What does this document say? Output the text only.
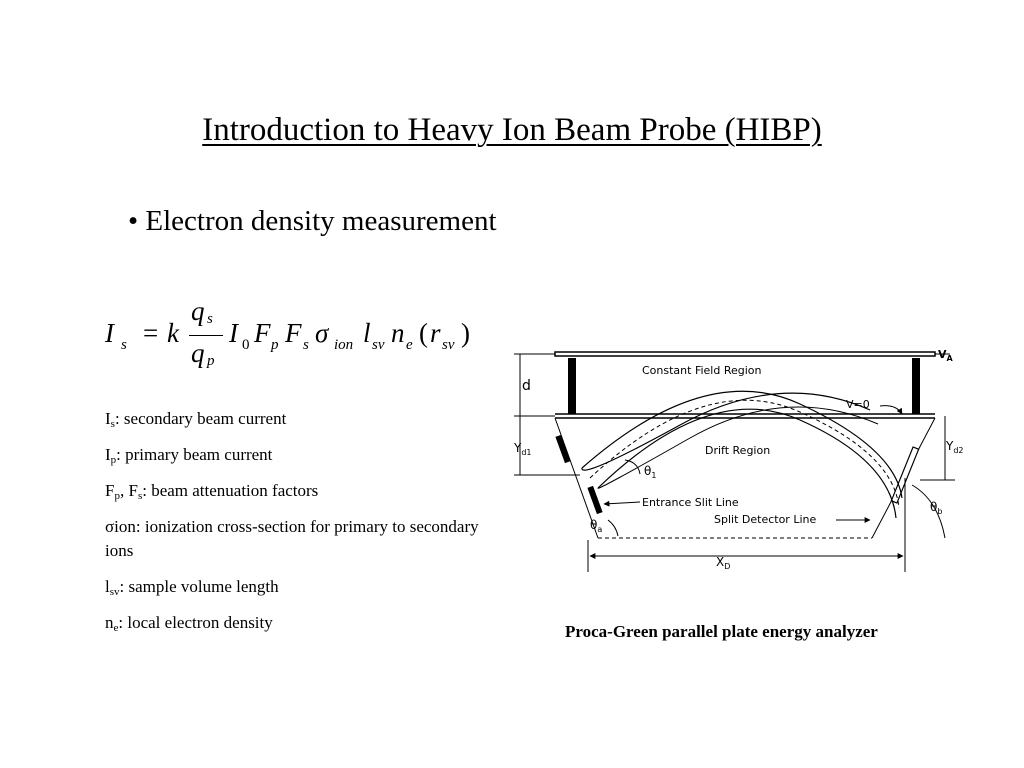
Introduction to Heavy Ion Beam Probe (HIBP)
• Electron density measurement
I s = k
q s
q p
I 0 F p F s σ ion l sv n e ( r sv )
$I_s$: secondary beam current
$I_p$: primary beam current
$F_p$, $F_s$: beam attenuation factors
σion: ionization cross-section for primary to secondary ions
$l_{sv}$: sample volume length
$n_e$: local electron density
$V_A$
Constant Field Region
V=0
Drift Region
d
$Y_{d1}$	$Y_{d2}$
$\theta_1$
Entrance Slit Line
Split Detector Line
$\theta_a$
$\theta_b$
$X_D$
Proca-Green parallel plate energy analyzer
